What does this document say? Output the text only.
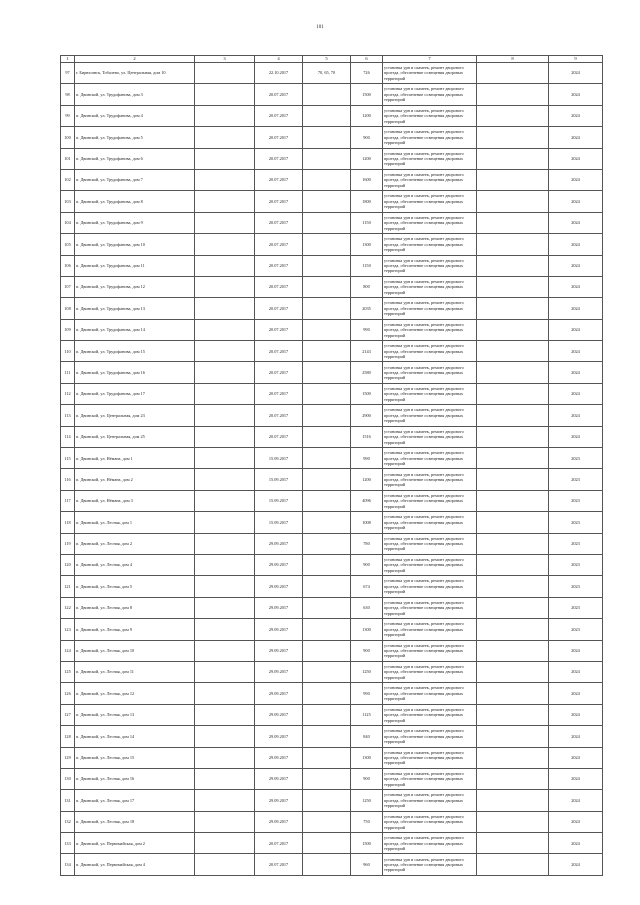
101
1	2	3	4	5	6	7	8	9
97	г. Бирюсинск, Тобалево, ул. Центральная, дом 10		22.10.2017	70, 65, 70	726	установка урн и скамеек, ремонт дворового проезда, обеспечение освещения дворовых территорий		2024
98	п. Двинской, ул. Трудофанова, дом 3		20.07.2017		1500	установка урн и скамеек, ремонт дворового проезда, обеспечение освещения дворовых территорий		2024
99	п. Двинской, ул. Трудофанова, дом 4		20.07.2017		1200	установка урн и скамеек, ремонт дворового проезда, обеспечение освещения дворовых территорий		2024
100	п. Двинской, ул. Трудофанова, дом 5		20.07.2017		900	установка урн и скамеек, ремонт дворового проезда, обеспечение освещения дворовых территорий		2024
101	п. Двинской, ул. Трудофанова, дом 6		20.07.2017		1200	установка урн и скамеек, ремонт дворового проезда, обеспечение освещения дворовых территорий		2024
102	п. Двинской, ул. Трудофанова, дом 7		20.07.2017		1600	установка урн и скамеек, ремонт дворового проезда, обеспечение освещения дворовых территорий		2024
103	п. Двинской, ул. Трудофанова, дом 8		20.07.2017		1800	установка урн и скамеек, ремонт дворового проезда, обеспечение освещения дворовых территорий		2024
104	п. Двинской, ул. Трудофанова, дом 9		20.07.2017		1150	установка урн и скамеек, ремонт дворового проезда, обеспечение освещения дворовых территорий		2024
105	п. Двинской, ул. Трудофанова, дом 10		20.07.2017		1300	установка урн и скамеек, ремонт дворового проезда, обеспечение освещения дворовых территорий		2024
106	п. Двинской, ул. Трудофанова, дом 11		20.07.2017		1150	установка урн и скамеек, ремонт дворового проезда, обеспечение освещения дворовых территорий		2024
107	п. Двинской, ул. Трудофанова, дом 12		20.07.2017		800	установка урн и скамеек, ремонт дворового проезда, обеспечение освещения дворовых территорий		2024
108	п. Двинской, ул. Трудофанова, дом 13		20.07.2017		2035	установка урн и скамеек, ремонт дворового проезда, обеспечение освещения дворовых территорий		2024
109	п. Двинской, ул. Трудофанова, дом 14		20.07.2017		990	установка урн и скамеек, ремонт дворового проезда, обеспечение освещения дворовых территорий		2024
110	п. Двинской, ул. Трудофанова, дом 15		20.07.2017		2143	установка урн и скамеек, ремонт дворового проезда, обеспечение освещения дворовых территорий		2024
111	п. Двинской, ул. Трудофанова, дом 16		20.07.2017		2580	установка урн и скамеек, ремонт дворового проезда, обеспечение освещения дворовых территорий		2024
112	п. Двинской, ул. Трудофанова, дом 17		20.07.2017		1500	установка урн и скамеек, ремонт дворового проезда, обеспечение освещения дворовых территорий		2024
113	п. Двинской, ул. Центральная, дом 23		20.07.2017		2900	установка урн и скамеек, ремонт дворового проезда, обеспечение освещения дворовых территорий		2024
114	п. Двинской, ул. Центральная, дом 25		20.07.2017		1516	установка урн и скамеек, ремонт дворового проезда, обеспечение освещения дворовых территорий		2024
115	п. Двинской, ул. Нёмана, дом 1		15.09.2017		990	установка урн и скамеек, ремонт дворового проезда, обеспечение освещения дворовых территорий		2023
116	п. Двинской, ул. Нёмана, дом 2		15.09.2017		1200	установка урн и скамеек, ремонт дворового проезда, обеспечение освещения дворовых территорий		2023
117	п. Двинской, ул. Нёмана, дом 3		15.09.2017		4096	установка урн и скамеек, ремонт дворового проезда, обеспечение освещения дворовых территорий		2023
118	п. Двинской, ул. Лесная, дом 1		15.09.2017		1008	установка урн и скамеек, ремонт дворового проезда, обеспечение освещения дворовых территорий		2023
119	п. Двинской, ул. Лесная, дом 2		29.09.2017		780	установка урн и скамеек, ремонт дворового проезда, обеспечение освещения дворовых территорий		2023
120	п. Двинской, ул. Лесная, дом 4		29.09.2017		900	установка урн и скамеек, ремонт дворового проезда, обеспечение освещения дворовых территорий		2023
121	п. Двинской, ул. Лесная, дом 5		29.09.2017		674	установка урн и скамеек, ремонт дворового проезда, обеспечение освещения дворовых территорий		2023
122	п. Двинской, ул. Лесная, дом 8		29.09.2017		630	установка урн и скамеек, ремонт дворового проезда, обеспечение освещения дворовых территорий		2023
123	п. Двинской, ул. Лесная, дом 9		29.09.2017		1300	установка урн и скамеек, ремонт дворового проезда, обеспечение освещения дворовых территорий		2023
124	п. Двинской, ул. Лесная, дом 10		29.09.2017		900	установка урн и скамеек, ремонт дворового проезда, обеспечение освещения дворовых территорий		2024
125	п. Двинской, ул. Лесная, дом 11		29.09.2017		1250	установка урн и скамеек, ремонт дворового проезда, обеспечение освещения дворовых территорий		2024
126	п. Двинской, ул. Лесная, дом 12		29.09.2017		990	установка урн и скамеек, ремонт дворового проезда, обеспечение освещения дворовых территорий		2024
127	п. Двинской, ул. Лесная, дом 13		29.09.2017		1125	установка урн и скамеек, ремонт дворового проезда, обеспечение освещения дворовых территорий		2024
128	п. Двинской, ул. Лесная, дом 14		29.09.2017		840	установка урн и скамеек, ремонт дворового проезда, обеспечение освещения дворовых территорий		2024
129	п. Двинской, ул. Лесная, дом 15		29.09.2017		1300	установка урн и скамеек, ремонт дворового проезда, обеспечение освещения дворовых территорий		2024
130	п. Двинской, ул. Лесная, дом 16		29.09.2017		900	установка урн и скамеек, ремонт дворового проезда, обеспечение освещения дворовых территорий		2024
131	п. Двинской, ул. Лесная, дом 17		29.09.2017		1250	установка урн и скамеек, ремонт дворового проезда, обеспечение освещения дворовых территорий		2024
132	п. Двинской, ул. Лесная, дом 18		29.09.2017		750	установка урн и скамеек, ремонт дворового проезда, обеспечение освещения дворовых территорий		2024
133	п. Двинской, ул. Первомайская, дом 2		20.07.2017		1500	установка урн и скамеек, ремонт дворового проезда, обеспечение освещения дворовых территорий		2024
134	п. Двинской, ул. Первомайская, дом 4		20.07.2017		960	установка урн и скамеек, ремонт дворового проезда, обеспечение освещения дворовых территорий		2024
